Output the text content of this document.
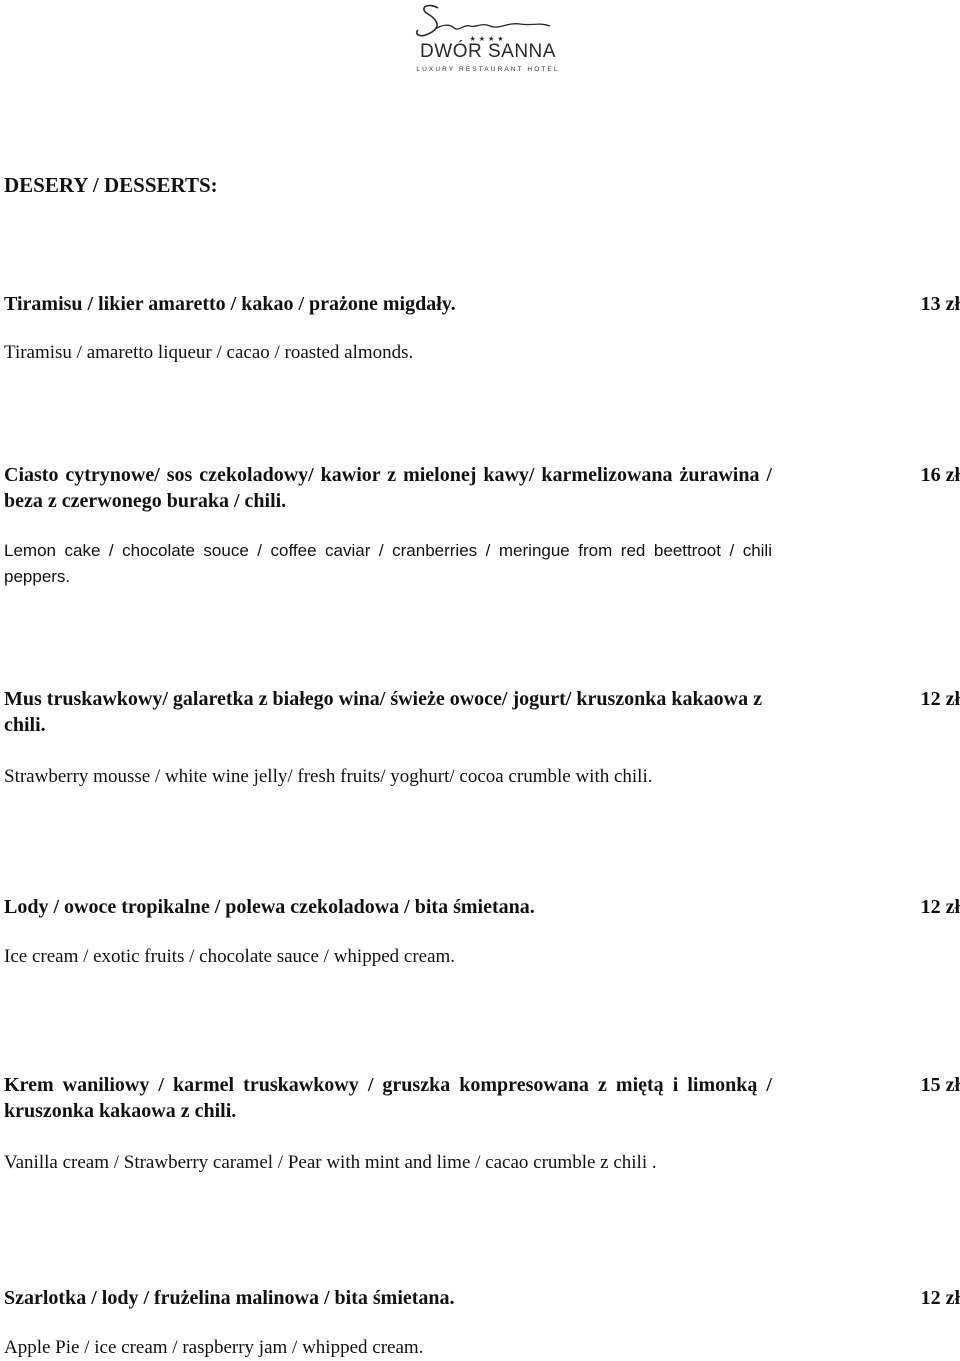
★★★★
DWÓR SANNA
LUXURY RESTAURANT HOTEL
DESERY / DESSERTS:

Tiramisu / likier amaretto / kakao / prażone migdały.

Tiramisu / amaretto liqueur / cacao / roasted almonds.

13 zł

Ciasto cytrynowe/ sos czekoladowy/ kawior z mielonej kawy/ karmelizowana żurawina / beza z czerwonego buraka / chili.

Lemon cake / chocolate souce / coffee caviar / cranberries / meringue from red beettroot / chili peppers.

16 zł

Mus truskawkowy/ galaretka z białego wina/ świeże owoce/ jogurt/ kruszonka kakaowa z chili.

Strawberry mousse / white wine jelly/ fresh fruits/ yoghurt/ cocoa crumble with chili.

12 zł

Lody / owoce tropikalne / polewa czekoladowa / bita śmietana.

Ice cream / exotic fruits / chocolate sauce / whipped cream.

12 zł

Krem waniliowy / karmel truskawkowy / gruszka kompresowana z miętą i limonką / kruszonka kakaowa z chili.

Vanilla cream / Strawberry caramel / Pear with mint and lime / cacao crumble z chili .

15 zł

Szarlotka / lody / frużelina malinowa / bita śmietana.

Apple Pie / ice cream / raspberry jam / whipped cream.

12 zł
